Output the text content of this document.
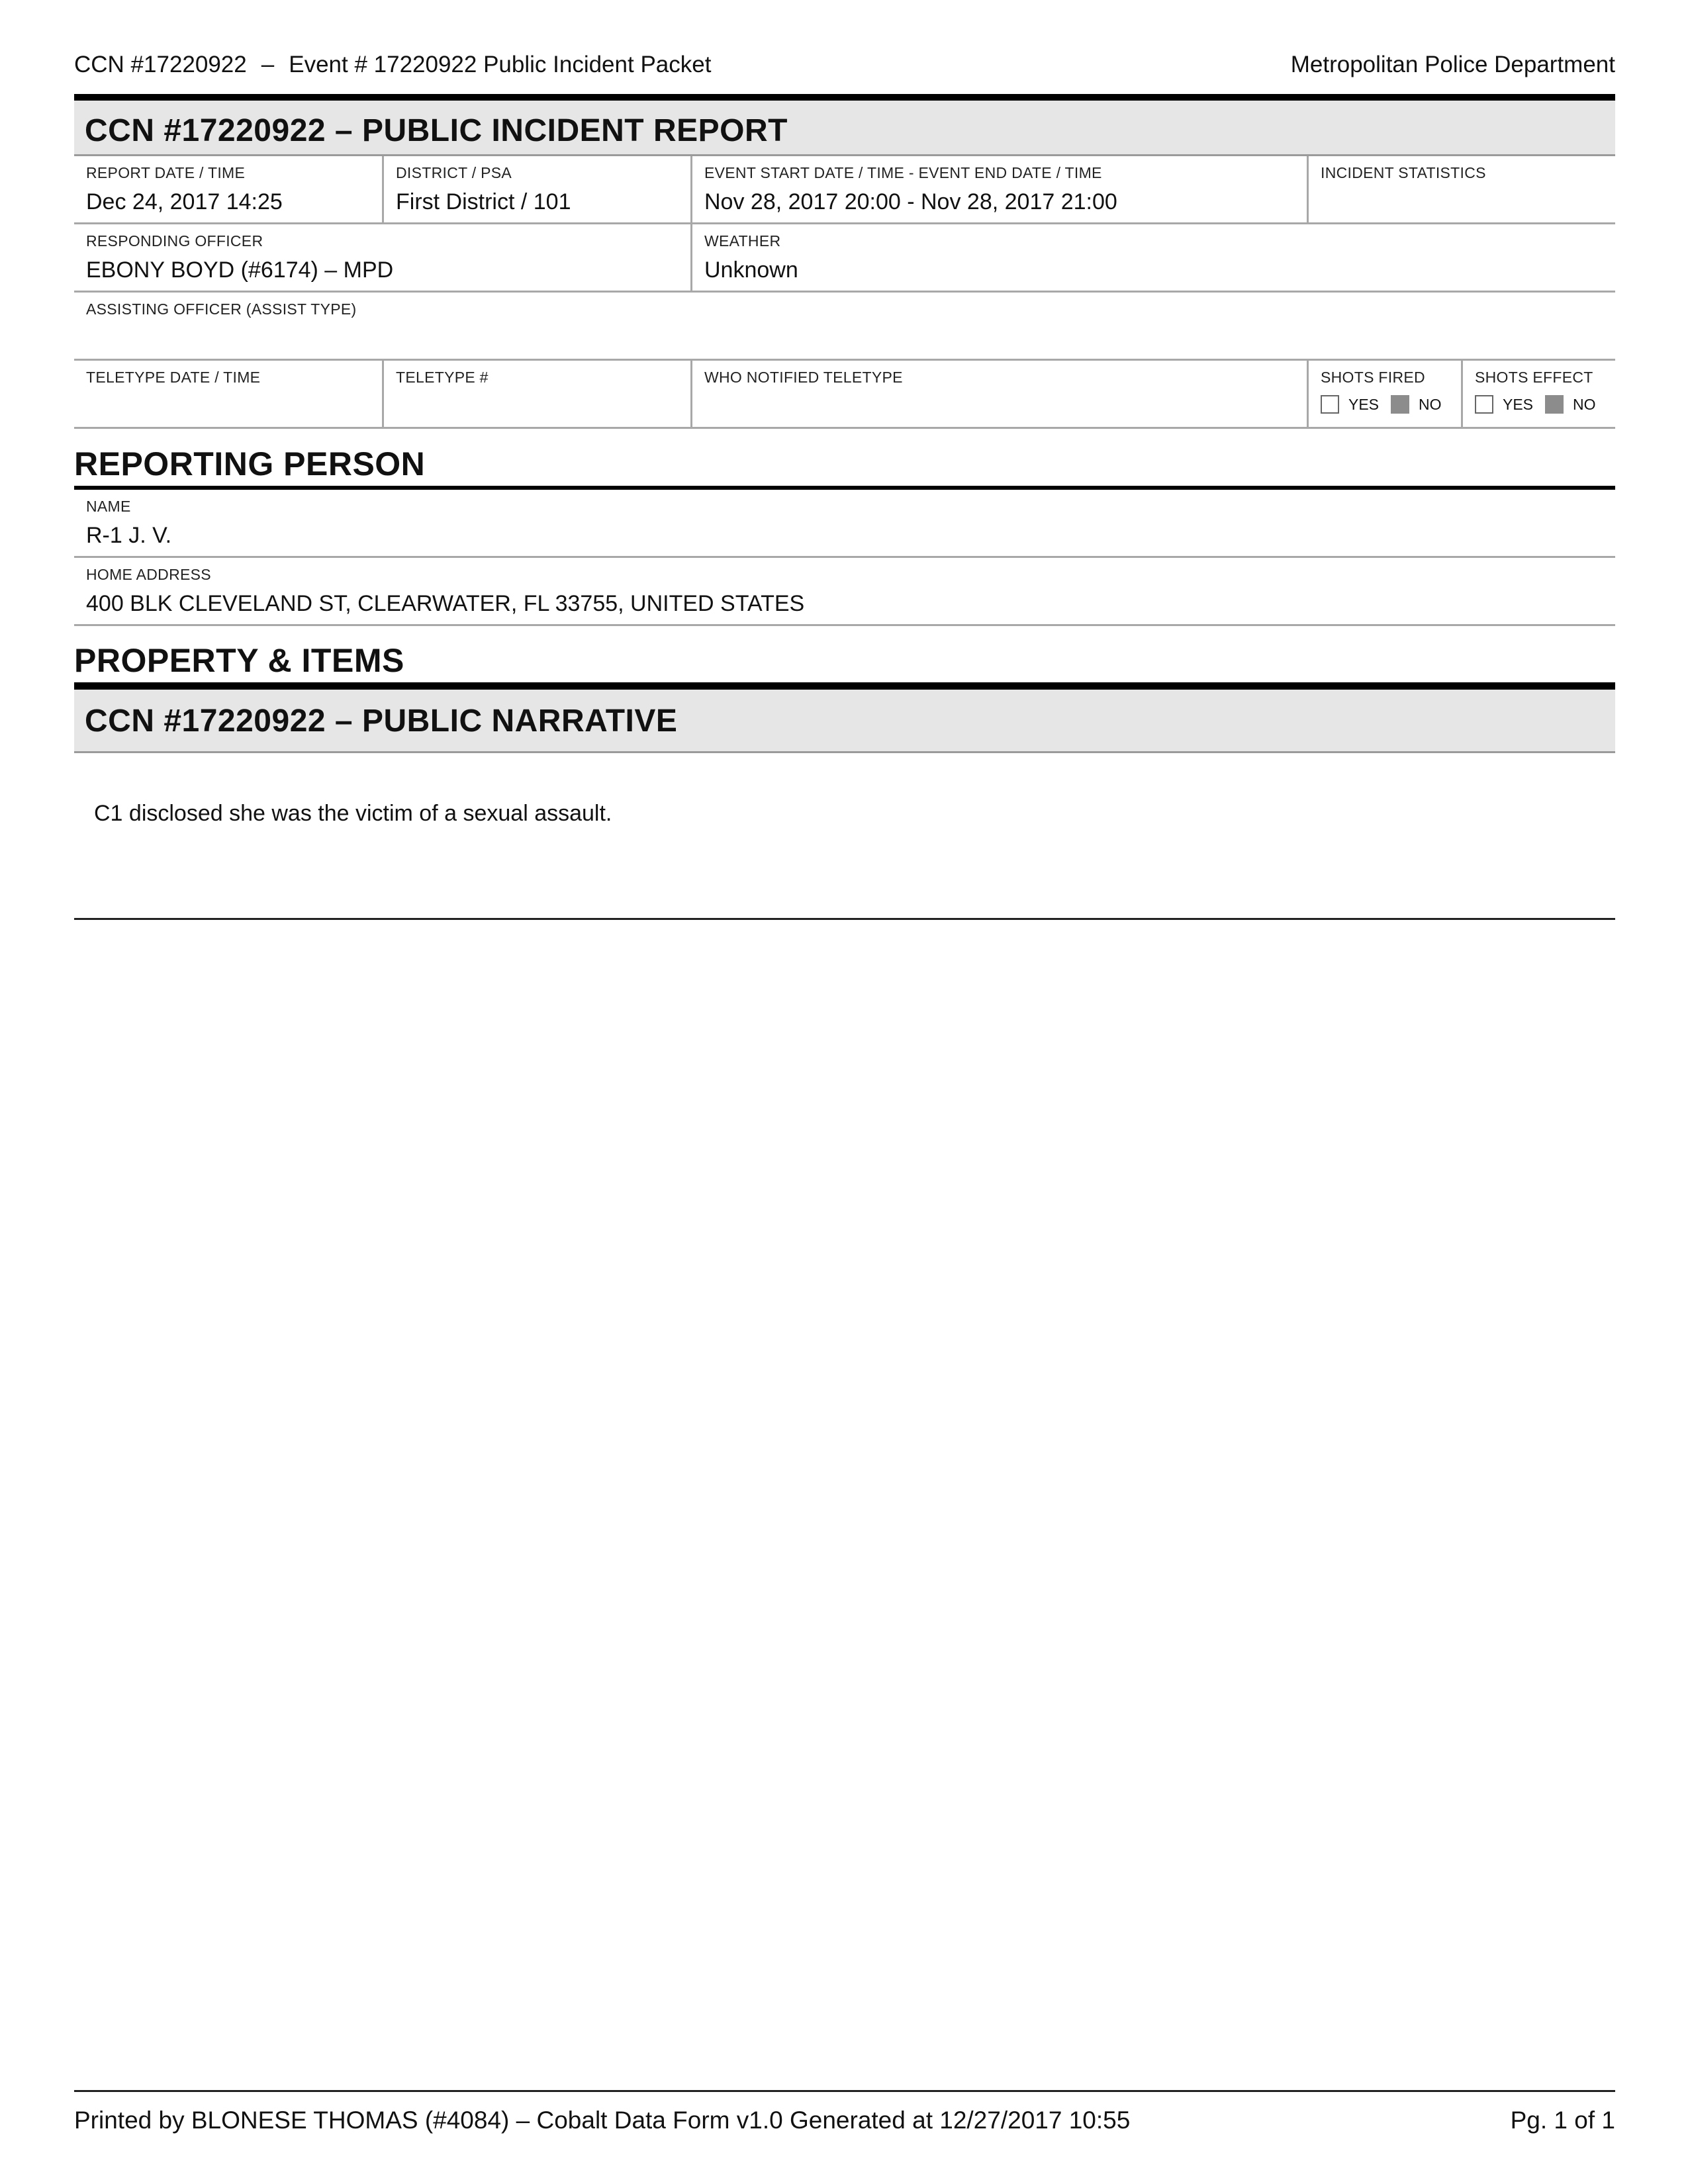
CCN #17220922 – Event # 17220922 Public Incident Packet	Metropolitan Police Department
CCN #17220922 – PUBLIC INCIDENT REPORT
REPORT DATE / TIME
Dec 24, 2017 14:25
DISTRICT / PSA
First District / 101
EVENT START DATE / TIME - EVENT END DATE / TIME
Nov 28, 2017 20:00 - Nov 28, 2017 21:00
INCIDENT STATISTICS
RESPONDING OFFICER
EBONY BOYD (#6174) – MPD
WEATHER
Unknown
ASSISTING OFFICER (ASSIST TYPE)
TELETYPE DATE / TIME	TELETYPE #	WHO NOTIFIED TELETYPE	SHOTS FIRED
YES	NO
SHOTS EFFECT
YES	NO
REPORTING PERSON
NAME
R-1 J. V.
HOME ADDRESS
400 BLK CLEVELAND ST, CLEARWATER, FL 33755, UNITED STATES
PROPERTY & ITEMS
CCN #17220922 – PUBLIC NARRATIVE

C1 disclosed she was the victim of a sexual assault.

Printed by BLONESE THOMAS (#4084) – Cobalt Data Form v1.0 Generated at 12/27/2017 10:55	Pg. 1 of 1
